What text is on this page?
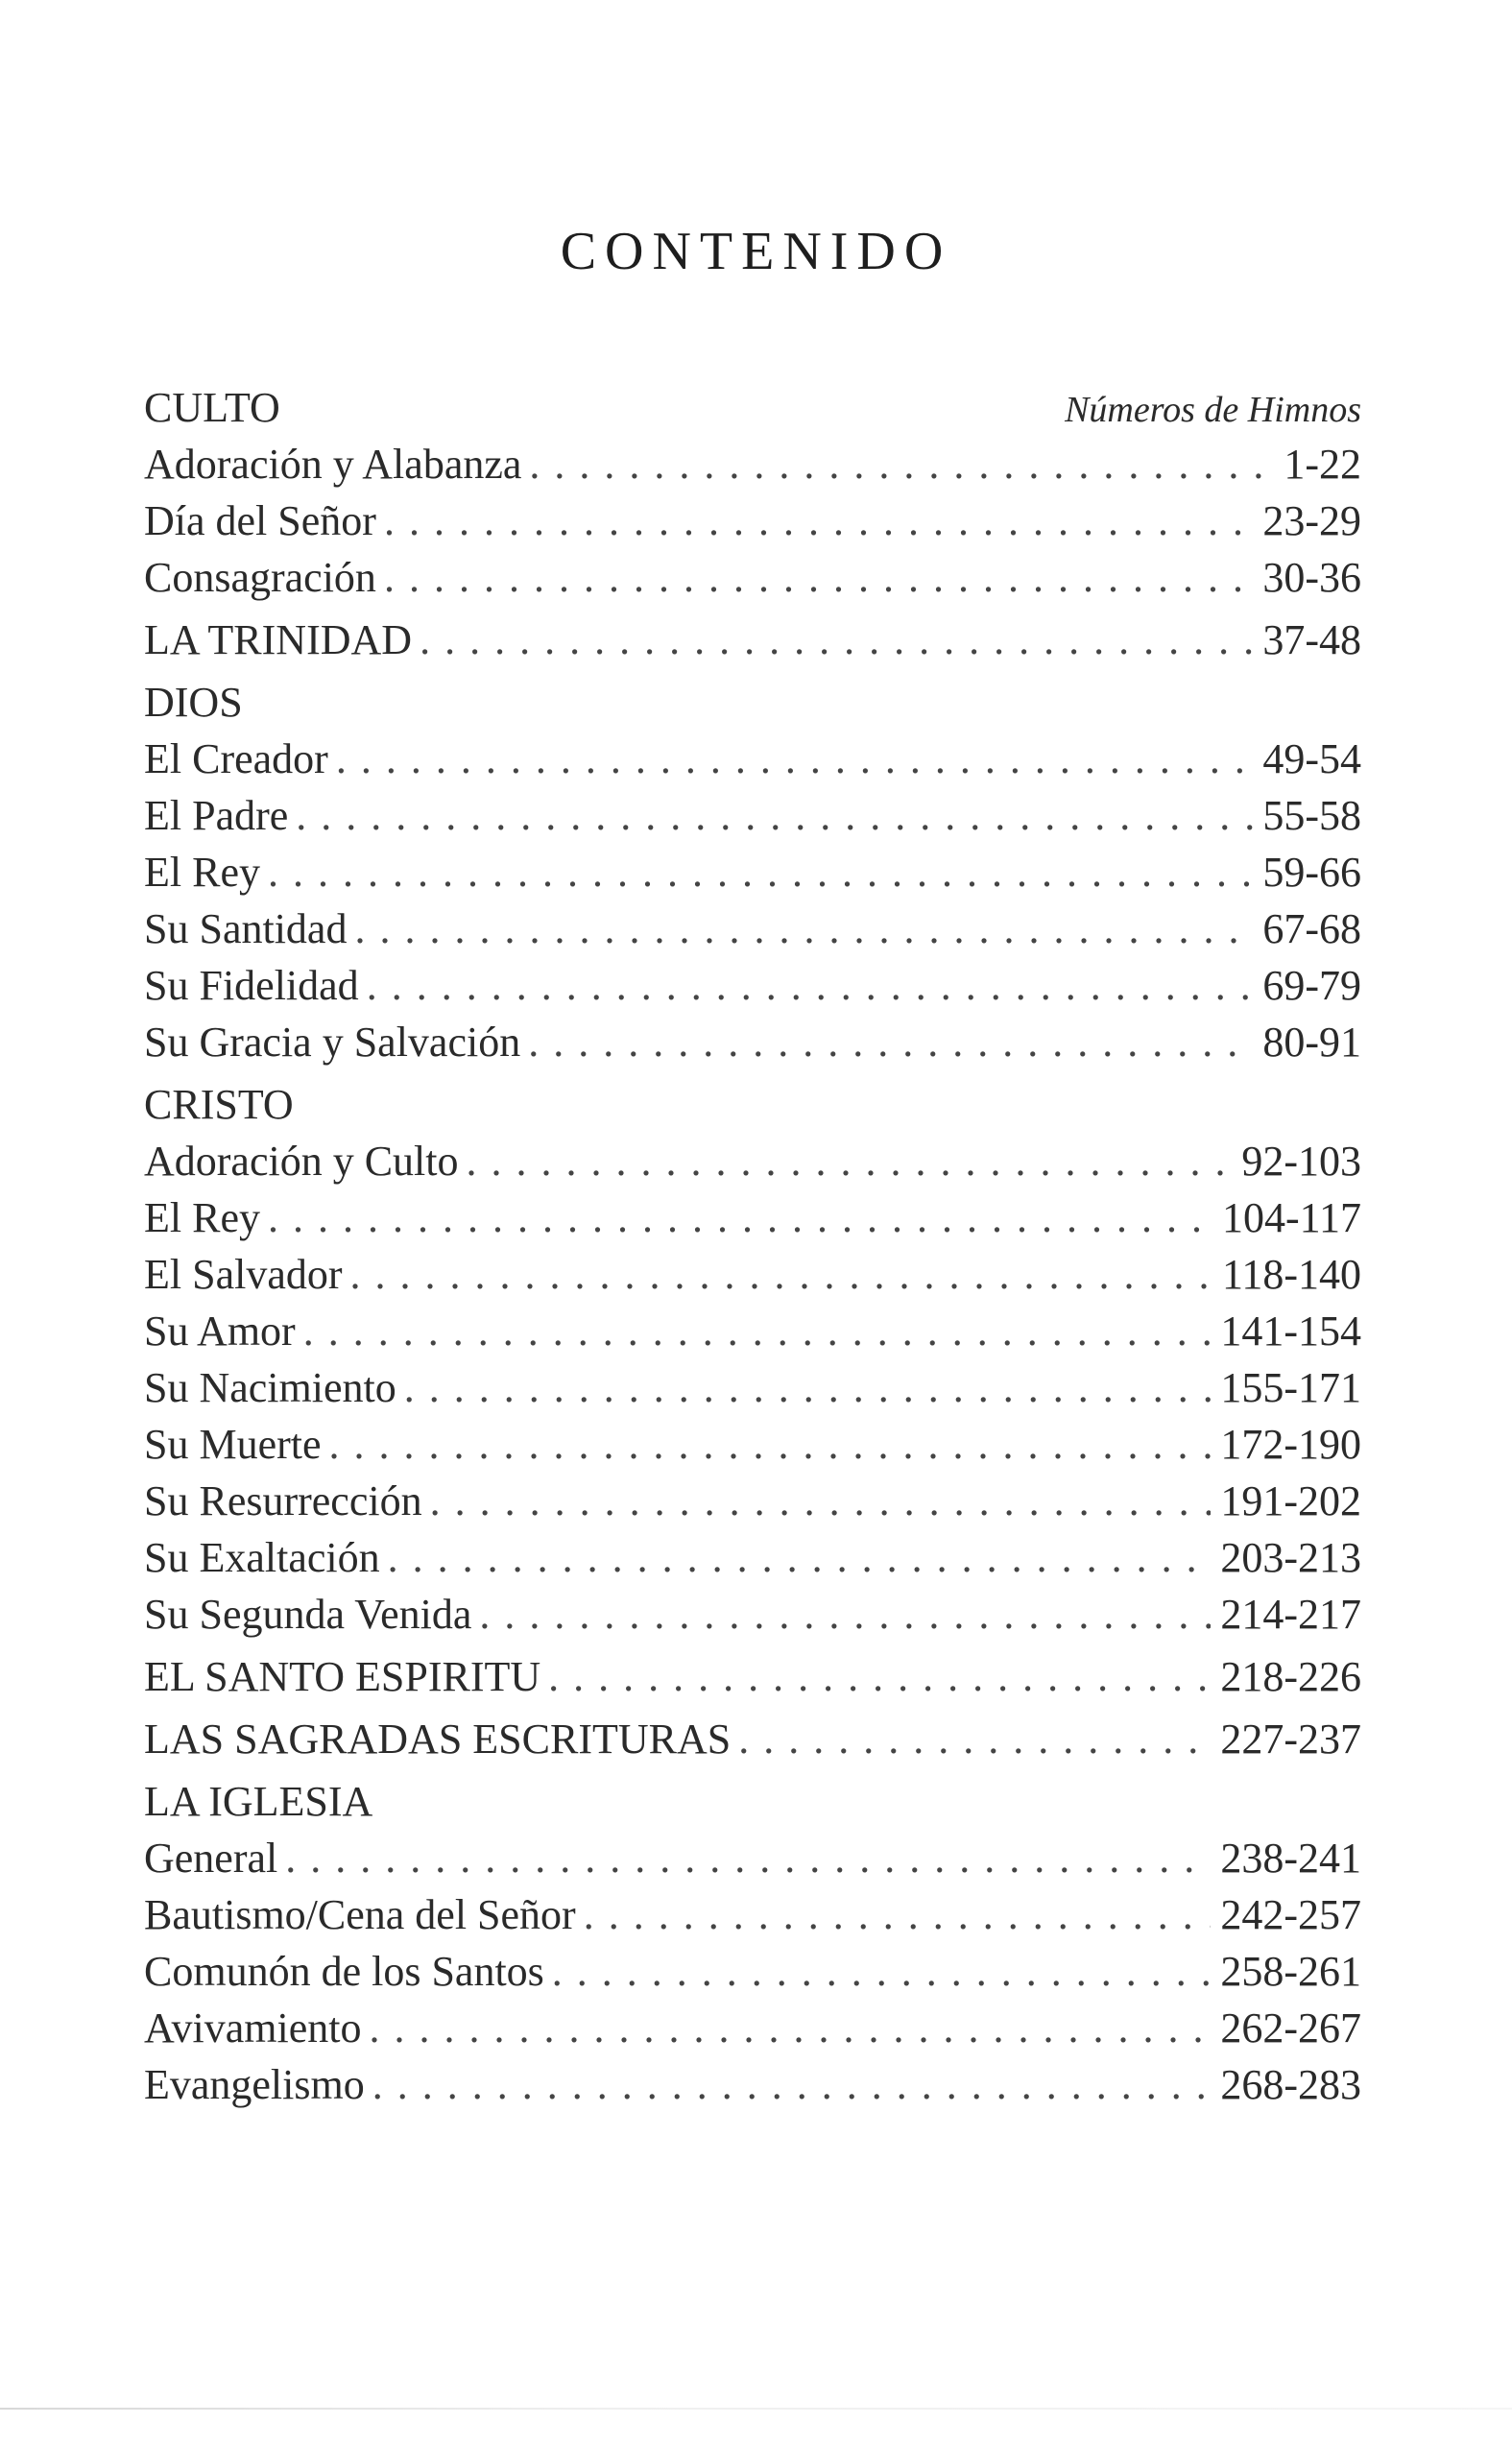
CONTENIDO
CULTO	Números de Himnos
Adoración y Alabanza . . .	1-22
Día del Señor . . .	23-29
Consagración . . .	30-36
LA TRINIDAD . . .	37-48
DIOS
El Creador . . .	49-54
El Padre . . .	55-58
El Rey . . .	59-66
Su Santidad . . .	67-68
Su Fidelidad . . .	69-79
Su Gracia y Salvación . . .	80-91
CRISTO
Adoración y Culto . . .	92-103
El Rey . . .	104-117
El Salvador . . .	118-140
Su Amor . . .	141-154
Su Nacimiento . . .	155-171
Su Muerte . . .	172-190
Su Resurrección . . .	191-202
Su Exaltación . . .	203-213
Su Segunda Venida . . .	214-217
EL SANTO ESPIRITU . . .	218-226
LAS SAGRADAS ESCRITURAS . . .	227-237
LA IGLESIA
General . . .	238-241
Bautismo/Cena del Señor . . .	242-257
Comunón de los Santos . . .	258-261
Avivamiento . . .	262-267
Evangelismo . . .	268-283
